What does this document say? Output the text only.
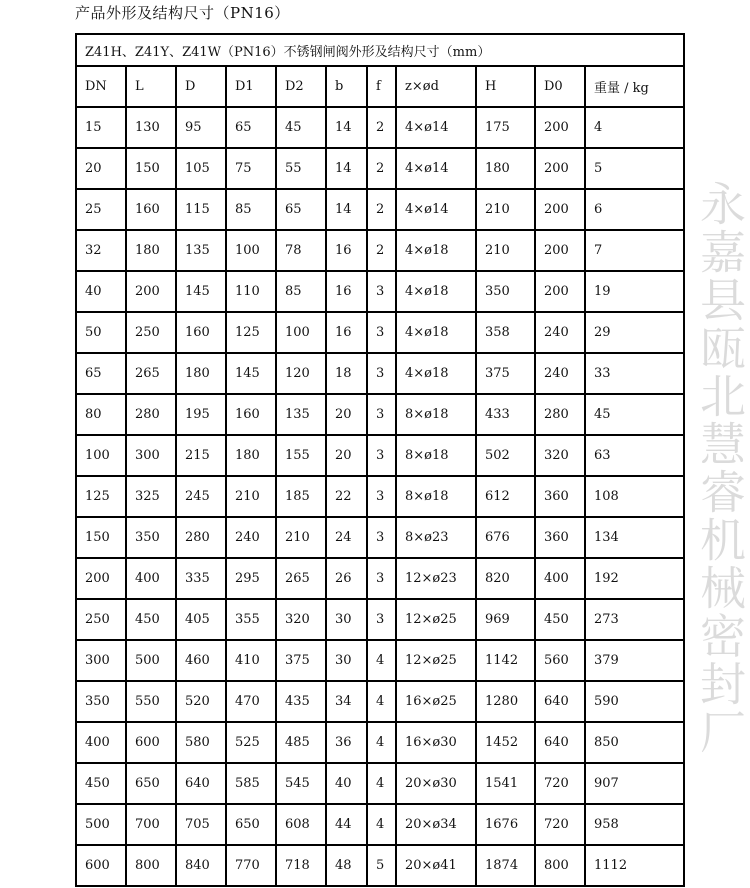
产品外形及结构尺寸（PN16）
Z41H、Z41Y、Z41W（PN16）不锈钢闸阀外形及结构尺寸（mm）										
DN	L	D	D1	D2	b	f	z×ød	H	D0	重量 / kg
15	130	95	65	45	14	2	4×ø14	175	200	4
20	150	105	75	55	14	2	4×ø14	180	200	5
25	160	115	85	65	14	2	4×ø14	210	200	6
32	180	135	100	78	16	2	4×ø18	210	200	7
40	200	145	110	85	16	3	4×ø18	350	200	19
50	250	160	125	100	16	3	4×ø18	358	240	29
65	265	180	145	120	18	3	4×ø18	375	240	33
80	280	195	160	135	20	3	8×ø18	433	280	45
100	300	215	180	155	20	3	8×ø18	502	320	63
125	325	245	210	185	22	3	8×ø18	612	360	108
150	350	280	240	210	24	3	8×ø23	676	360	134
200	400	335	295	265	26	3	12×ø23	820	400	192
250	450	405	355	320	30	3	12×ø25	969	450	273
300	500	460	410	375	30	4	12×ø25	1142	560	379
350	550	520	470	435	34	4	16×ø25	1280	640	590
400	600	580	525	485	36	4	16×ø30	1452	640	850
450	650	640	585	545	40	4	20×ø30	1541	720	907
500	700	705	650	608	44	4	20×ø34	1676	720	958
600	800	840	770	718	48	5	20×ø41	1874	800	1112
永嘉县瓯北慧睿机械密封厂
